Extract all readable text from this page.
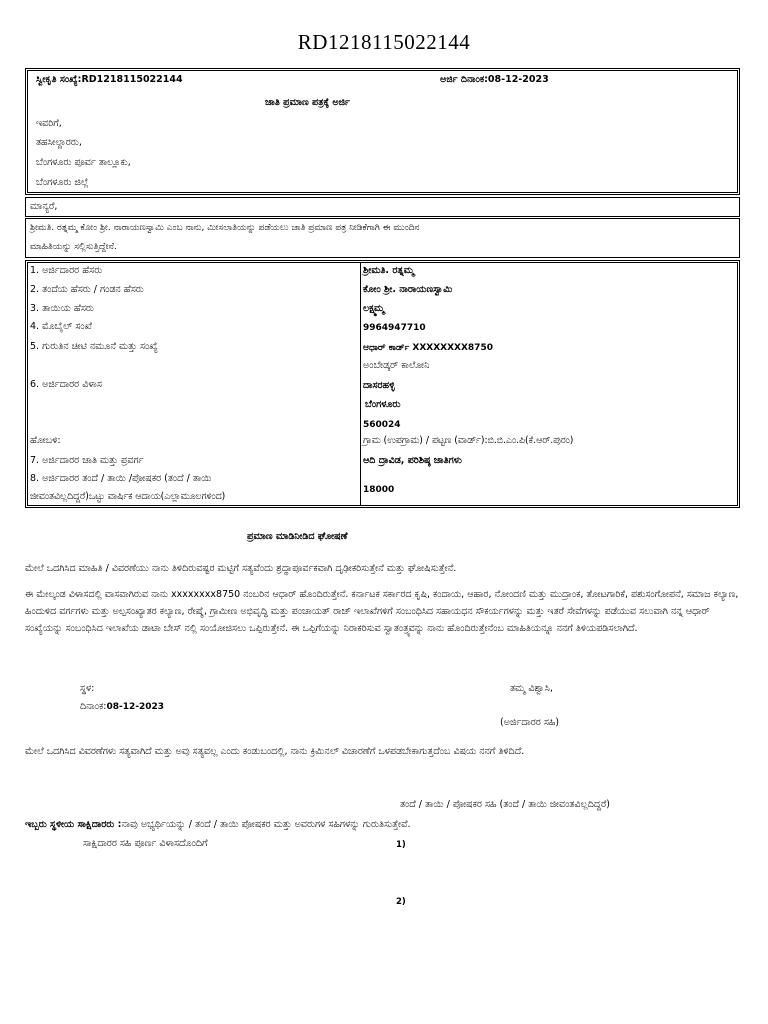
RD1218115022144
ಸ್ವೀಕೃತಿ ಸಂಖ್ಯೆ:RD1218115022144	ಅರ್ಜಿ ದಿನಾಂಕ:08-12-2023
ಜಾತಿ ಪ್ರಮಾಣ ಪತ್ರಕ್ಕೆ ಅರ್ಜಿ
ಇವರಿಗೆ,
ತಹಸೀಲ್ದಾರರು,
ಬೆಂಗಳೂರು ಪೂರ್ವ ತಾಲ್ಲೂಕು,
ಬೆಂಗಳೂರು ಜಿಲ್ಲೆ
ಮಾನ್ಯರೆ,
ಶ್ರೀಮತಿ. ರತ್ನಮ್ಮ ಕೋಂ ಶ್ರೀ. ನಾರಾಯಣಸ್ವಾಮಿ ಎಂಬ ನಾನು, ಮೀಸಲಾತಿಯನ್ನು ಪಡೆಯಲು ಜಾತಿ ಪ್ರಮಾಣ ಪತ್ರ ನೀಡಿಕೆಗಾಗಿ ಈ ಮುಂದಿನ
ಮಾಹಿತಿಯನ್ನು ಸಲ್ಲಿಸುತ್ತಿದ್ದೇನೆ.
1. ಅರ್ಜಿದಾರರ ಹೆಸರು	ಶ್ರೀಮತಿ. ರತ್ನಮ್ಮ
2. ತಂದೆಯ ಹೆಸರು / ಗಂಡನ ಹೆಸರು	ಕೋಂ ಶ್ರೀ. ನಾರಾಯಣಸ್ವಾಮಿ
3. ತಾಯಿಯ ಹೆಸರು	ಲಕ್ಷ್ಮಮ್ಮ
4. ಮೊಬೈಲ್ ಸಂಖೆ	9964947710
5. ಗುರುತಿನ ಚೀಟಿ ನಮೂನೆ ಮತ್ತು ಸಂಖ್ಯೆ	ಆಧಾರ್ ಕಾರ್ಡ್ XXXXXXXX8750
ಅಂಬೇಡ್ಕರ್ ಕಾಲೋನಿ
6. ಅರ್ಜಿದಾರರ ವಿಳಾಸ	ದಾಸರಹಳ್ಳಿ
ಬೆಂಗಳೂರು
560024
ಹೋಬಳಿ:	ಗ್ರಾಮ (ಉಪಗ್ರಾಮ) / ಪಟ್ಟಣ (ವಾರ್ಡ್):ಬಿ.ಬಿ.ಎಂ.ಪಿ(ಕೆ.ಆರ್.ಪುರಂ)
7. ಅರ್ಜಿದಾರರ ಜಾತಿ ಮತ್ತು ಪ್ರವರ್ಗ	ಆದಿ ದ್ರಾವಿಡ, ಪರಿಶಿಷ್ಠ ಜಾತಿಗಳು
8. ಅರ್ಜಿದಾರರ ತಂದೆ / ತಾಯಿ /ಪೋಷಕರ (ತಂದೆ / ತಾಯಿ
ಜೀವಂತವಿಲ್ಲದಿದ್ದರೆ)ಒಟ್ಟು ವಾರ್ಷಿಕ ಆದಾಯ(ಎಲ್ಲಾಮೂಲಗಳಿಂದ)
18000
ಪ್ರಮಾಣ ಮಾಡಿನೀಡಿದ ಘೋಷಣೆ
ಮೇಲೆ ಒದಗಿಸಿದ ಮಾಹಿತಿ / ವಿವರಣೆಯು ನಾನು ತಿಳಿದಿರುವಷ್ಟರ ಮಟ್ಟಿಗೆ ಸತ್ಯವೆಂದು ಶ್ರದ್ಧಾಪೂರ್ವಕವಾಗಿ ದೃಢೀಕರಿಸುತ್ತೇನೆ ಮತ್ತು ಘೋಷಿಸುತ್ತೇನೆ.
ಈ ಮೇಲ್ಕಂಡ ವಿಳಾಸದಲ್ಲಿ ವಾಸವಾಗಿರುವ ನಾನು xxxxxxxx8750 ನಂಬರಿನ ಆಧಾರ್ ಹೊಂದಿರುತ್ತೇನೆ. ಕರ್ನಾಟಕ ಸರ್ಕಾರದ ಕೃಷಿ, ಕಂದಾಯ, ಆಹಾರ, ನೋಂದಣಿ ಮತ್ತು ಮುದ್ರಾಂಕ, ತೋಟಗಾರಿಕೆ, ಪಶುಸಂಗೋಪನೆ, ಸಮಾಜ ಕಲ್ಯಾಣ, ಹಿಂದುಳಿದ ವರ್ಗಗಳು ಮತ್ತು ಅಲ್ಪಸಂಖ್ಯಾತರ ಕಲ್ಯಾಣ, ರೇಷ್ಮೆ, ಗ್ರಾಮೀಣ ಅಭಿವೃದ್ಧಿ ಮತ್ತು ಪಂಚಾಯತ್ ರಾಜ್ ಇಲಾಖೆಗಳಿಗೆ ಸಂಬಂಧಿಸಿದ ಸಹಾಯಧನ ಸೌಕರ್ಯಗಳನ್ನು ಮತ್ತು ಇತರೆ ಸೇವೆಗಳನ್ನು ಪಡೆಯುವ ಸಲುವಾಗಿ ನನ್ನ ಆಧಾರ್ ಸಂಖ್ಯೆಯನ್ನು ಸಂಬಂಧಿಸಿದ ಇಲಾಖೆಯ ಡಾಟಾ ಬೇಸ್ ನಲ್ಲಿ ಸಂಯೋಜಿಸಲು ಒಪ್ಪಿರುತ್ತೇನೆ. ಈ ಒಪ್ಪಿಗೆಯನ್ನು ನಿರಾಕರಿಸುವ ಸ್ವಾತಂತ್ರ್ಯವನ್ನು ನಾನು ಹೊಂದಿರುತ್ತೇನೆಂಬ ಮಾಹಿತಿಯನ್ನೂ ನನಗೆ ತಿಳಿಯಪಡಿಸಲಾಗಿದೆ.
ಸ್ಥಳ:	ತಮ್ಮ ವಿಶ್ವಾಸಿ,
ದಿನಾಂಕ:08-12-2023
(ಅರ್ಜಿದಾರರ ಸಹಿ)
ಮೇಲೆ ಒದಗಿಸಿದ ವಿವರಣೆಗಳು ಸತ್ಯವಾಗಿದೆ ಮತ್ತು ಅವು ಸತ್ಯವಲ್ಲ ಎಂದು ಕಂಡುಬಂದಲ್ಲಿ, ನಾನು ಕ್ರಿಮಿನಲ್ ವಿಚಾರಣೆಗೆ ಒಳಪಡಬೇಕಾಗುತ್ತದೆಂಬ ವಿಷಯ ನನಗೆ ತಿಳಿದಿದೆ.
ತಂದೆ / ತಾಯಿ / ಪೋಷಕರ ಸಹಿ (ತಂದೆ / ತಾಯಿ ಜೀವಂತವಿಲ್ಲದಿದ್ದರೆ)
ಇಬ್ಬರು ಸ್ಥಳೀಯ ಸಾಕ್ಷಿದಾರರು :ನಾವು ಅಭ್ಯರ್ಥಿಯನ್ನು / ತಂದೆ / ತಾಯಿ ಪೋಷಕರ ಮತ್ತು ಅವರುಗಳ ಸಹಿಗಳನ್ನು ಗುರುತಿಸುತ್ತೇವೆ.
ಸಾಕ್ಷಿದಾರರ ಸಹಿ ಪೂರ್ಣ ವಿಳಾಸದೊಂದಿಗೆ	1)
2)
